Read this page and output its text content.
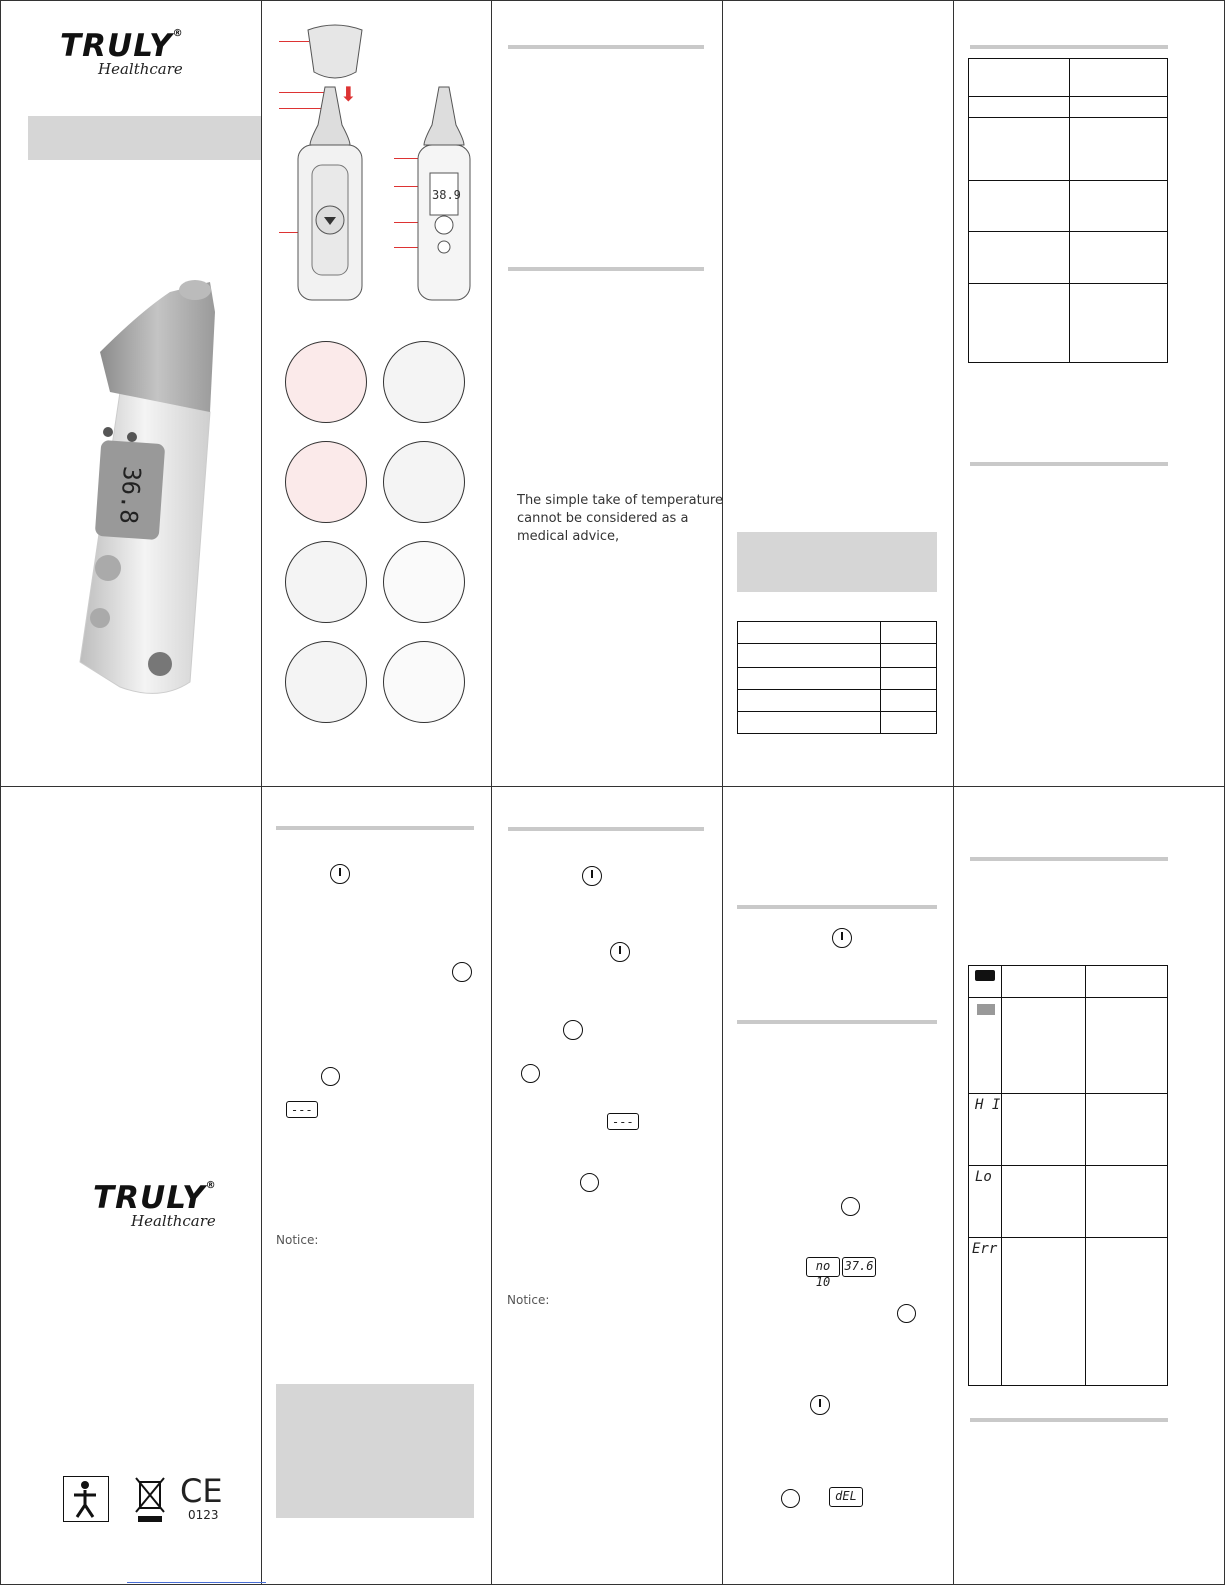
TRULY®
Healthcare
36.8
⬇
38.9
The simple take of temperature
cannot be considered as a
medical advice,
TRULY®
Healthcare
CE
0123
---
Notice:
---
Notice:
no 10
37.6
dEL
H I
Lo
Err
